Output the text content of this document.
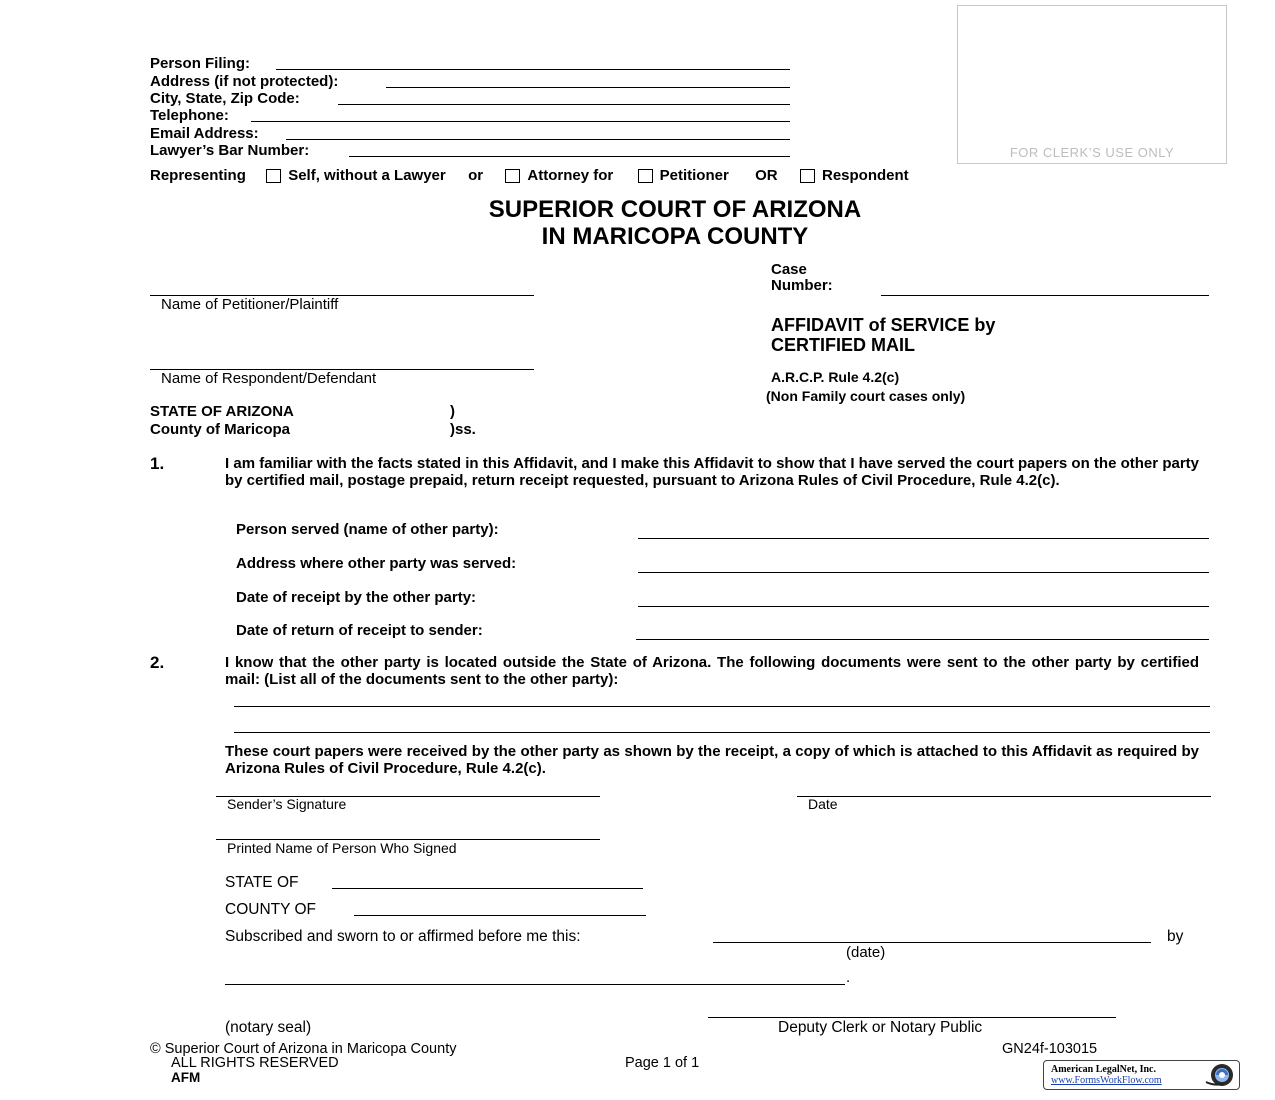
Person Filing:
Address (if not protected):
City, State, Zip Code:
Telephone:
Email Address:
Lawyer’s Bar Number:	FOR CLERK’S USE ONLY
Representing	Self, without a Lawyer or	Attorney for	Petitioner OR	Respondent
SUPERIOR COURT OF ARIZONA
IN MARICOPA COUNTY
Name of Petitioner/Plaintiff
Name of Respondent/Defendant
Case
Number:
AFFIDAVIT of SERVICE by
CERTIFIED MAIL
A.R.C.P. Rule 4.2(c)
(Non Family court cases only)
STATE OF ARIZONA	)
County of Maricopa	)ss.
1.	I am familiar with the facts stated in this Affidavit, and I make this Affidavit to show that I have served the court papers on the other party by certified mail, postage prepaid, return receipt requested, pursuant to Arizona Rules of Civil Procedure, Rule 4.2(c).
Person served (name of other party):
Address where other party was served:
Date of receipt by the other party:
Date of return of receipt to sender:
2.	I know that the other party is located outside the State of Arizona. The following documents were sent to the other party by certified mail: (List all of the documents sent to the other party):
These court papers were received by the other party as shown by the receipt, a copy of which is attached to this Affidavit as required by Arizona Rules of Civil Procedure, Rule 4.2(c).
Sender’s Signature	Date
Printed Name of Person Who Signed
STATE OF
COUNTY OF
Subscribed and sworn to or affirmed before me this:	by
(date)
.
(notary seal)	Deputy Clerk or Notary Public
© Superior Court of Arizona in Maricopa County
ALL RIGHTS RESERVED
AFM
Page 1 of 1
GN24f-103015
American LegalNet, Inc.
www.FormsWorkFlow.com
